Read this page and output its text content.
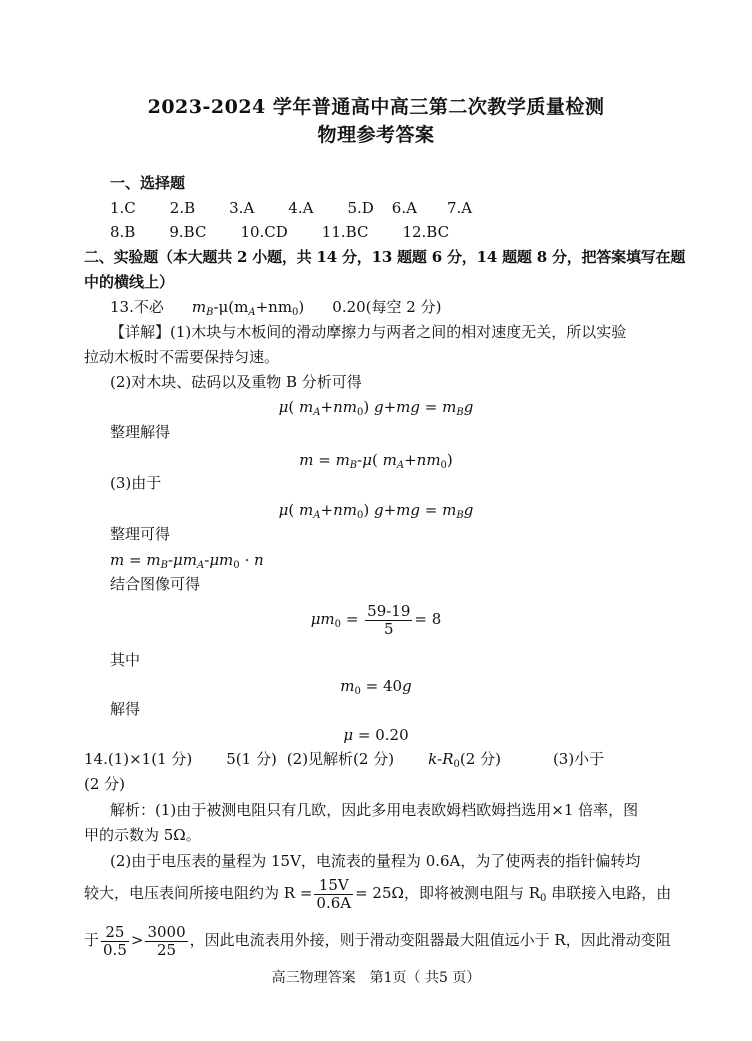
2023-2024 学年普通高中高三第二次教学质量检测
物理参考答案
一、选择题
1.C 2.B 3.A 4.A 5.D 6.A 7.A
8.B 9.BC 10.CD 11.BC 12.BC
二、实验题（本大题共 2 小题，共 14 分，13 题题 6 分，14 题题 8 分，把答案填写在题
中的横线上）
13.不必 $m_B-\mu(m_A+nm_0)$ 0.20(每空 2 分)
【详解】(1)木块与木板间的滑动摩擦力与两者之间的相对速度无关，所以实验
拉动木板时不需要保持匀速。
(2)对木块、砝码以及重物 B 分析可得
μ( $m_A+nm_0$) $g+mg = m_Bg$
整理解得
$m = m_B-\mu$( $m_A+nm_0$)
(3)由于
μ( $m_A+nm_0$) $g+mg = m_Bg$
整理可得
$m = m_B-\mu m_A-\mu m_0 \cdot n$
结合图像可得
$\mu m_0 = \frac{59-19}{5} = 8$
其中
$m_0 = 40g$
解得
μ = 0.20
14.(1)×1(1 分) 5(1 分) (2)见解析(2 分) $k-R_0(2$ 分)	(3)小于
(2 分)
解析：(1)由于被测电阻只有几欧，因此多用电表欧姆档欧姆挡选用×1 倍率，图
甲的示数为 5Ω。
(2)由于电压表的量程为 15V，电流表的量程为 0.6A，为了使两表的指针偏转均
较大，电压表间所接电阻约为 $R = \frac{15V}{0.6A} = 25\Omega$，即将被测电阻与 $R_0$ 串联接入电路，由
于 $\frac{25}{0.5} > \frac{3000}{25}$ ，因此电流表用外接，则于滑动变阻器最大阻值远小于 R，因此滑动变阻
高三物理答案　第1页（ 共5 页）
